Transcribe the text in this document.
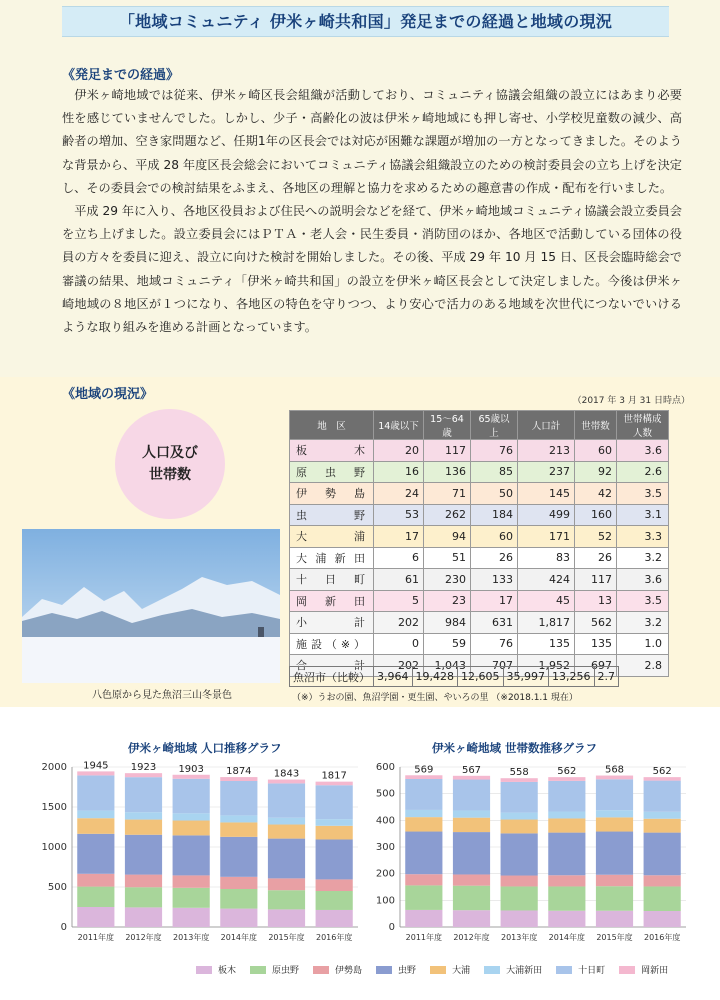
「地域コミュニティ 伊米ヶ崎共和国」発足までの経過と地域の現況
《発足までの経過》

伊米ヶ崎地域では従来、伊米ヶ崎区長会組織が活動しており、コミュニティ協議会組織の設立にはあまり必要性を感じていませんでした。しかし、少子・高齢化の波は伊米ヶ崎地域にも押し寄せ、小学校児童数の減少、高齢者の増加、空き家問題など、任期1年の区長会では対応が困難な課題が増加の一方となってきました。そのような背景から、平成 28 年度区長会総会においてコミュニティ協議会組織設立のための検討委員会の立ち上げを決定し、その委員会での検討結果をふまえ、各地区の理解と協力を求めるための趣意書の作成・配布を行いました。

平成 29 年に入り、各地区役員および住民への説明会などを経て、伊米ヶ崎地域コミュニティ協議会設立委員会を立ち上げました。設立委員会にはＰＴＡ・老人会・民生委員・消防団のほか、各地区で活動している団体の役員の方々を委員に迎え、設立に向けた検討を開始しました。その後、平成 29 年 10 月 15 日、区長会臨時総会で審議の結果、地域コミュニティ「伊米ヶ崎共和国」の設立を伊米ヶ崎区長会として決定しました。今後は伊米ヶ崎地域の８地区が１つになり、各地区の特色を守りつつ、より安心で活力のある地域を次世代につないでいけるような取り組みを進める計画となっています。

《地域の現況》	（2017 年 3 月 31 日時点）
人口及び
世帯数
八色原から見た魚沼三山冬景色
地　区	14歳以下	15〜64歳	65歳以上	人口計	世帯数	世帯構成人数
板木	20	117	76	213	60	3.6
原虫野	16	136	85	237	92	2.6
伊勢島	24	71	50	145	42	3.5
虫野	53	262	184	499	160	3.1
大浦	17	94	60	171	52	3.3
大浦新田	6	51	26	83	26	3.2
十日町	61	230	133	424	117	3.6
岡新田	5	23	17	45	13	3.5
小計	202	984	631	1,817	562	3.2
施設（※）	0	59	76	135	135	1.0
合計	202	1,043	707	1,952	697	2.8
魚沼市（比較）	3,964	19,428	12,605	35,997	13,256	2.7
（※）うおの園、魚沼学園・更生園、やいろの里 （※2018.1.1 現在）
伊米ヶ崎地域 人口推移グラフ	伊米ヶ崎地域 世帯数推移グラフ
0
500
1000
1500
2000 1945
2011年度
1923
2012年度
1903
2013年度
1874
2014年度
1843
2015年度
1817
2016年度
0
100
200
300
400
500
600 569
2011年度
567
2012年度
558
2013年度
562
2014年度
568
2015年度
562
2016年度
板木	原虫野	伊勢島	虫野	大浦	大浦新田	十日町	岡新田
